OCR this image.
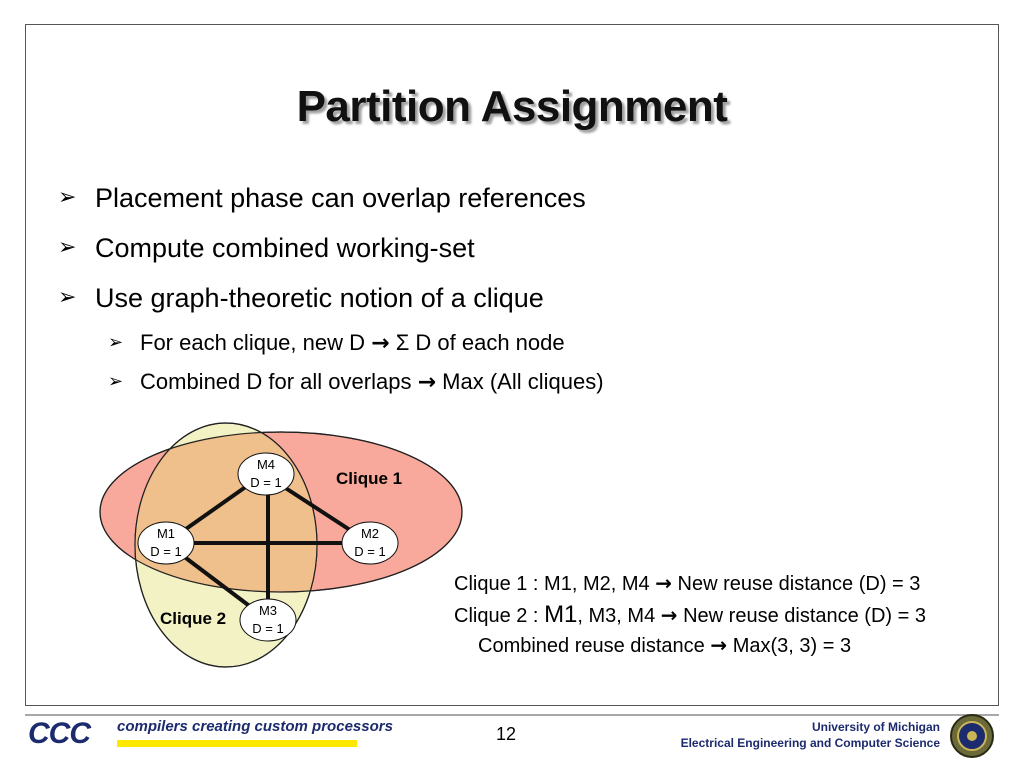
Partition Assignment
➢ Placement phase can overlap references
➢ Compute combined working-set
➢ Use graph-theoretic notion of a clique
➢ For each clique, new D → Σ D of each node
➢ Combined D for all overlaps → Max (All cliques)
M4
D = 1
M1
D = 1
M2
D = 1
M3
D = 1
Clique 1
Clique 2
Clique 1 : M1, M2, M4 → New reuse distance (D) = 3
Clique 2 : M1, M3, M4 → New reuse distance (D) = 3
Combined reuse distance → Max(3, 3) = 3
CCC compilers creating custom processors	12	University of Michigan
Electrical Engineering and Computer Science
